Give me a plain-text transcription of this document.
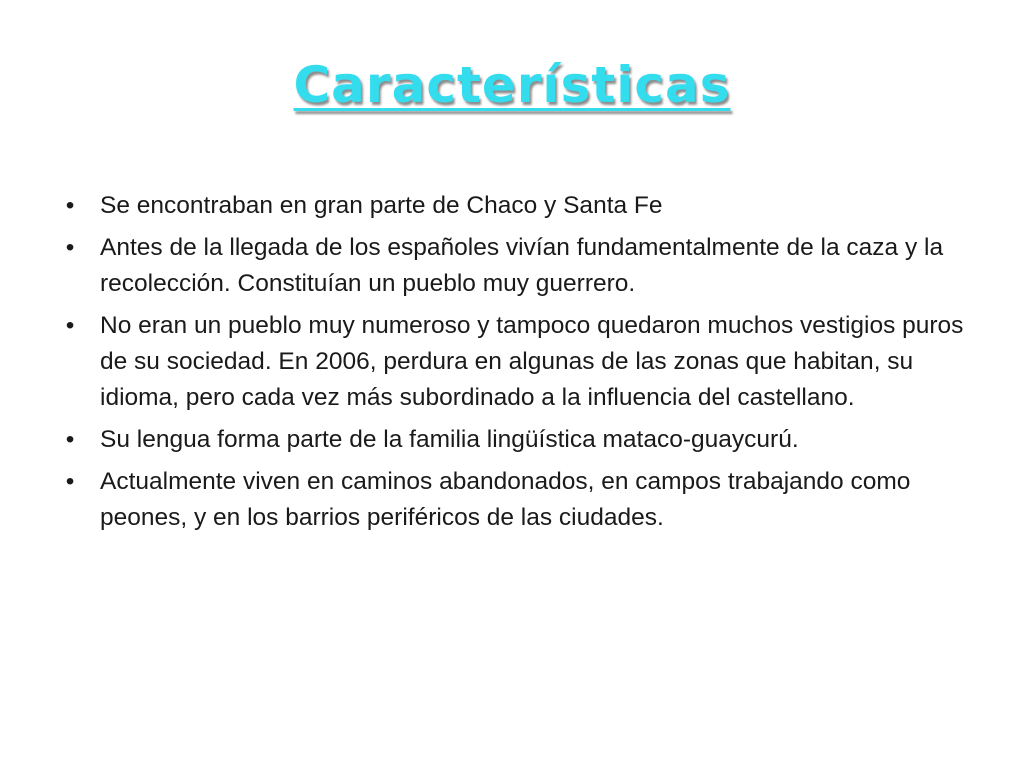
Características
• Se encontraban en gran parte de Chaco y Santa Fe
• Antes de la llegada de los españoles vivían fundamentalmente de la caza y la recolección. Constituían un pueblo muy guerrero.
• No eran un pueblo muy numeroso y tampoco quedaron muchos vestigios puros de su sociedad. En 2006, perdura en algunas de las zonas que habitan, su idioma, pero cada vez más subordinado a la influencia del castellano.
• Su lengua forma parte de la familia lingüística mataco-guaycurú.
• Actualmente viven en caminos abandonados, en campos trabajando como peones, y en los barrios periféricos de las ciudades.
